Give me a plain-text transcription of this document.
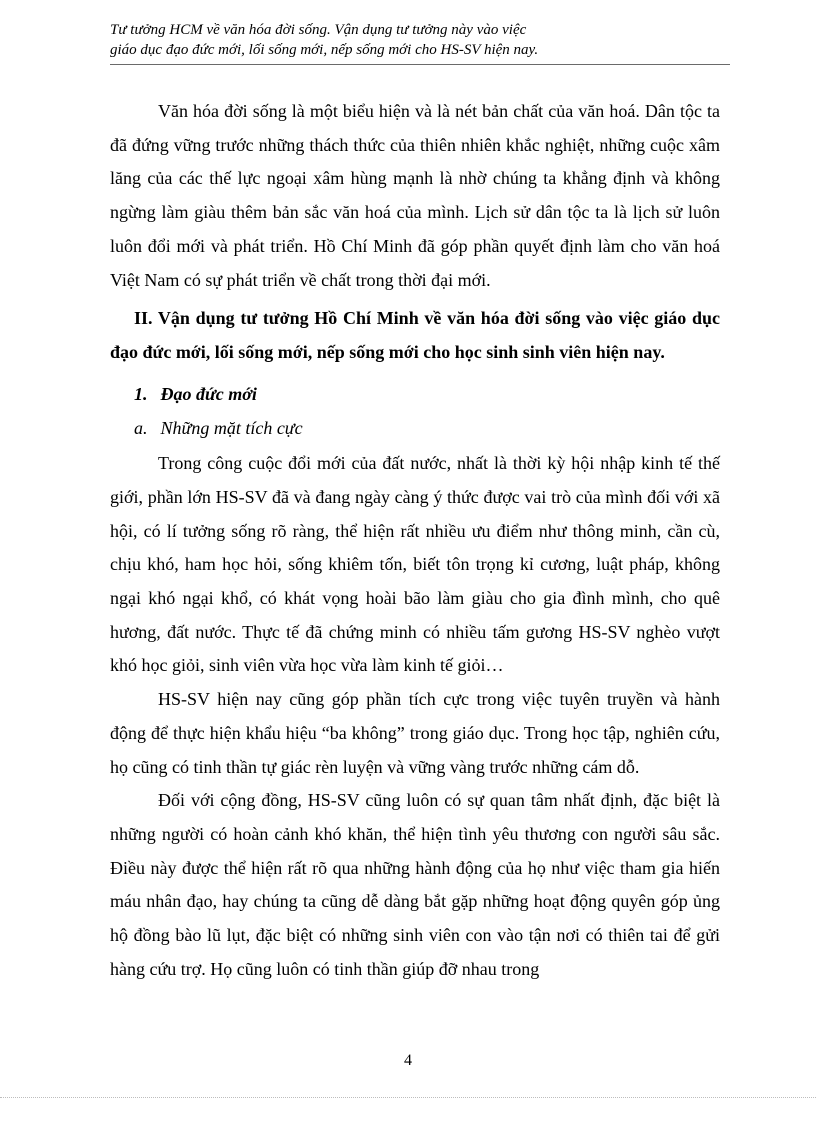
Tư tưởng HCM về văn hóa đời sống. Vận dụng tư tưởng này vào việc
giáo dục đạo đức mới, lối sống mới, nếp sống mới cho HS-SV hiện nay.

Văn hóa đời sống là một biểu hiện và là nét bản chất của văn hoá. Dân tộc ta đã đứng vững trước những thách thức của thiên nhiên khắc nghiệt, những cuộc xâm lăng của các thế lực ngoại xâm hùng mạnh là nhờ chúng ta khẳng định và không ngừng làm giàu thêm bản sắc văn hoá của mình. Lịch sử dân tộc ta là lịch sử luôn luôn đổi mới và phát triển. Hồ Chí Minh đã góp phần quyết định làm cho văn hoá Việt Nam có sự phát triển về chất trong thời đại mới.

II. Vận dụng tư tưởng Hồ Chí Minh về văn hóa đời sống vào việc giáo dục đạo đức mới, lối sống mới, nếp sống mới cho học sinh sinh viên hiện nay.

1. Đạo đức mới
a. Những mặt tích cực

Trong công cuộc đổi mới của đất nước, nhất là thời kỳ hội nhập kinh tế thế giới, phần lớn HS-SV đã và đang ngày càng ý thức được vai trò của mình đối với xã hội, có lí tưởng sống rõ ràng, thể hiện rất nhiều ưu điểm như thông minh, cần cù, chịu khó, ham học hỏi, sống khiêm tốn, biết tôn trọng kỉ cương, luật pháp, không ngại khó ngại khổ, có khát vọng hoài bão làm giàu cho gia đình mình, cho quê hương, đất nước. Thực tế đã chứng minh có nhiều tấm gương HS-SV nghèo vượt khó học giỏi, sinh viên vừa học vừa làm kinh tế giỏi…

HS-SV hiện nay cũng góp phần tích cực trong việc tuyên truyền và hành động để thực hiện khẩu hiệu “ba không” trong giáo dục. Trong học tập, nghiên cứu, họ cũng có tinh thần tự giác rèn luyện và vững vàng trước những cám dỗ.

Đối với cộng đồng, HS-SV cũng luôn có sự quan tâm nhất định, đặc biệt là những người có hoàn cảnh khó khăn, thể hiện tình yêu thương con người sâu sắc. Điều này được thể hiện rất rõ qua những hành động của họ như việc tham gia hiến máu nhân đạo, hay chúng ta cũng dễ dàng bắt gặp những hoạt động quyên góp ủng hộ đồng bào lũ lụt, đặc biệt có những sinh viên con vào tận nơi có thiên tai để gửi hàng cứu trợ. Họ cũng luôn có tinh thần giúp đỡ nhau trong

4
